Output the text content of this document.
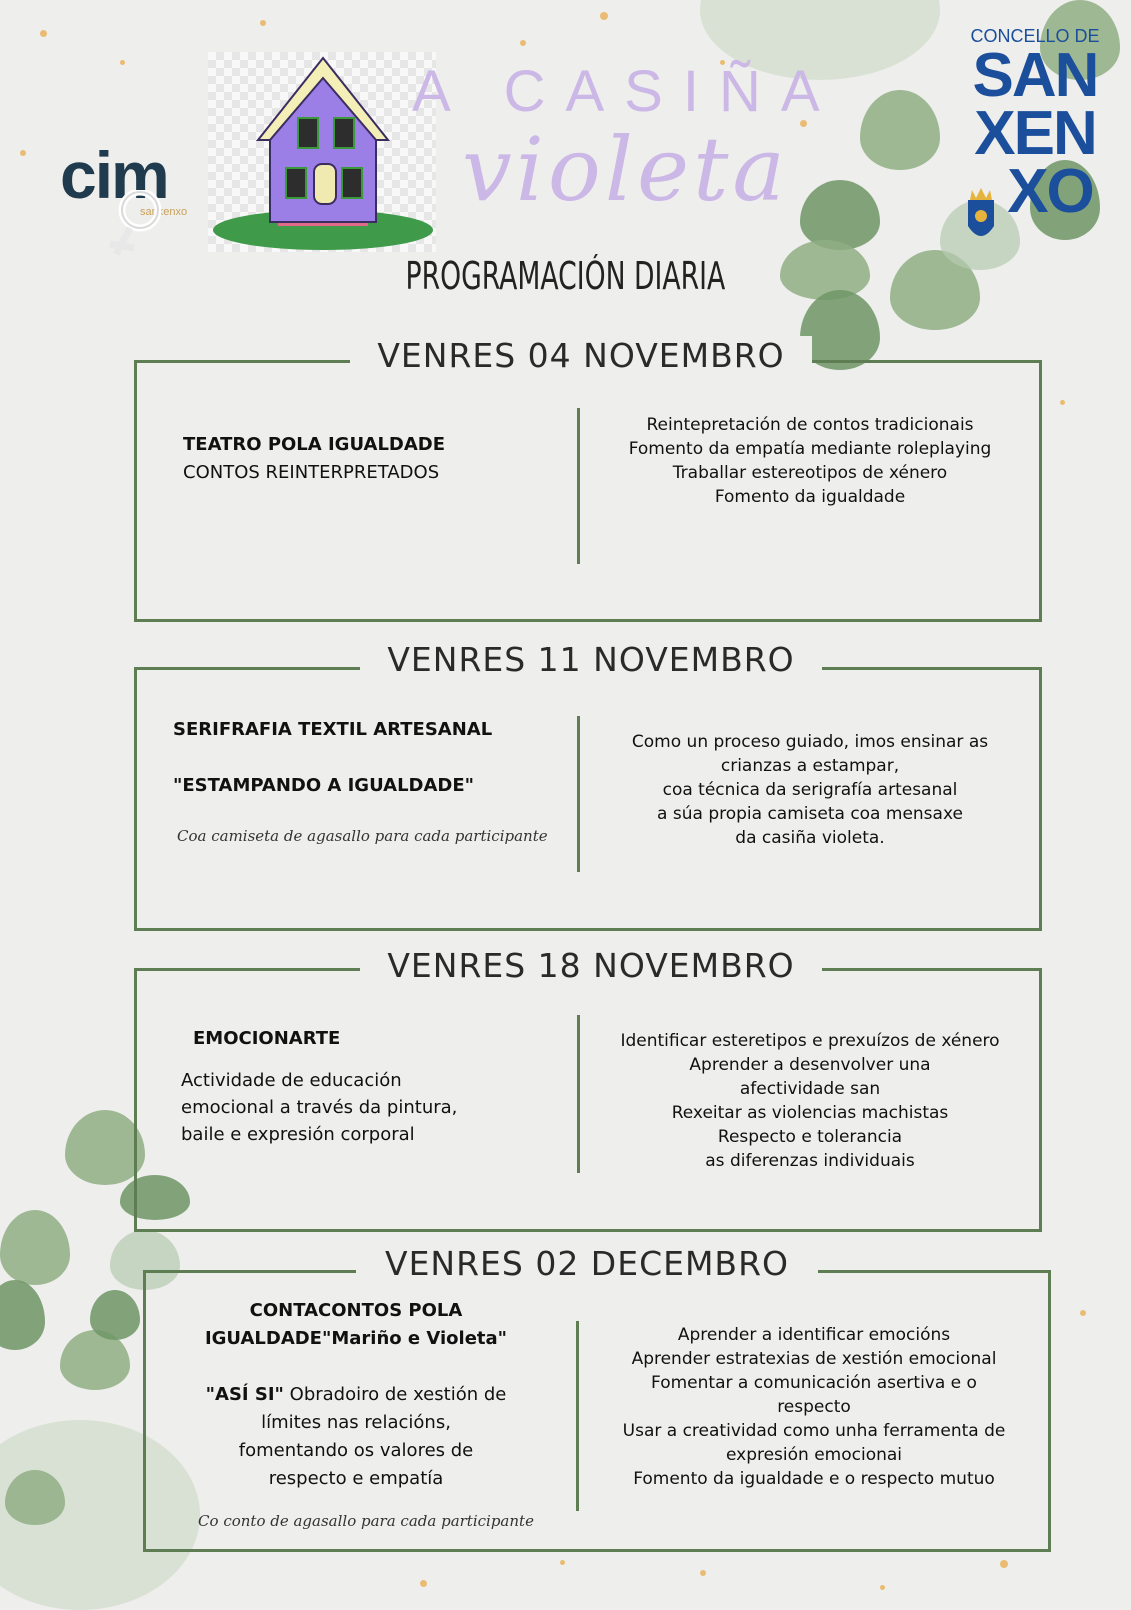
cim
sanxenxo
A CASIÑA
violeta
PROGRAMACIÓN DIARIA
CONCELLO DE
SAN
XEN
XO
TEATRO POLA IGUALDADE
CONTOS REINTERPRETADOS
Reintepretación de contos tradicionais
Fomento da empatía mediante roleplaying
Traballar estereotipos de xénero
Fomento da igualdade
VENRES 04 NOVEMBRO
SERIFRAFIA TEXTIL ARTESANAL
"ESTAMPANDO A IGUALDADE"
Coa camiseta de agasallo para cada participante
Como un proceso guiado, imos ensinar as
crianzas a estampar,
coa técnica da serigrafía artesanal
a súa propia camiseta coa mensaxe
da casiña violeta.
VENRES 11 NOVEMBRO
EMOCIONARTE
Actividade de educación
emocional a través da pintura,
baile e expresión corporal
Identificar esteretipos e prexuízos de xénero
Aprender a desenvolver una
afectividade san
Rexeitar as violencias machistas
Respecto e tolerancia
as diferenzas individuais
VENRES 18 NOVEMBRO
CONTACONTOS POLA
IGUALDADE"Mariño e Violeta"
"ASÍ SI" Obradoiro de xestión de
límites nas relacións,
fomentando os valores de
respecto e empatía
Co conto de agasallo para cada participante
Aprender a identificar emocións
Aprender estratexias de xestión emocional
Fomentar a comunicación asertiva e o
respecto
Usar a creatividad como unha ferramenta de
expresión emocionai
Fomento da igualdade e o respecto mutuo
VENRES 02 DECEMBRO
